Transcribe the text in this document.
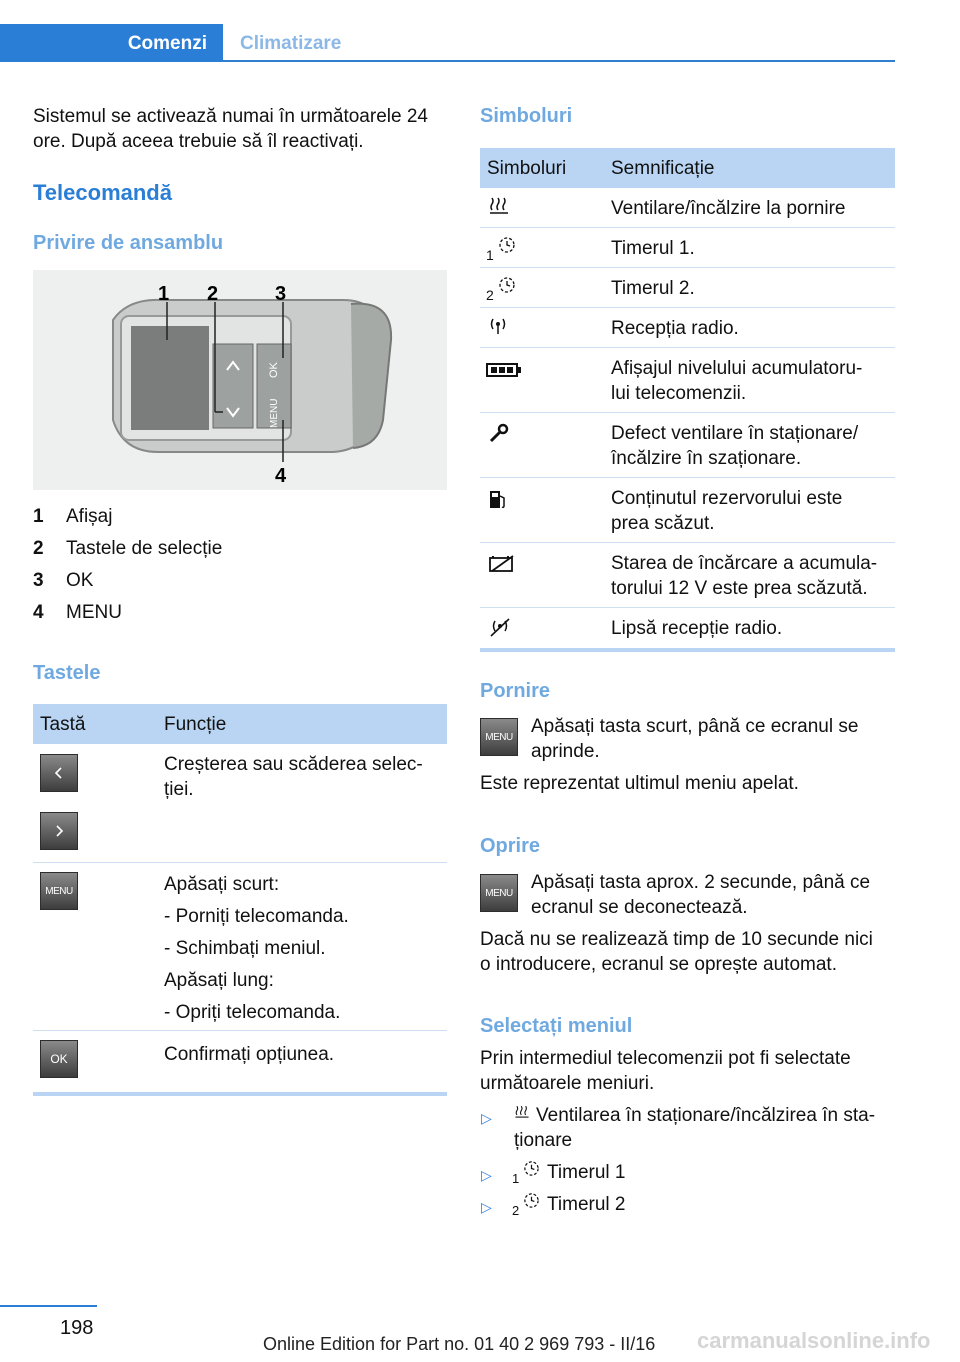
Comenzi	Climatizare
Sistemul se activează numai în următoarele 24 ore. După aceea trebuie să îl reactivați.
Telecomandă
Privire de ansamblu
OK
MENU
1 2	3
4
1 Afișaj
2 Tastele de selecție
3 OK
4 MENU
Tastele
Tastă	Funcție
Creșterea sau scăderea selec-ției.
MENU
Apăsați scurt:
- Porniți telecomanda.
- Schimbați meniul.
Apăsați lung:
- Opriți telecomanda.
OK
Confirmați opțiunea.
Simboluri
Simboluri Semnificație
Ventilare/încălzire la pornire
1	Timerul 1.
2	Timerul 2.
Recepția radio.
Afișajul nivelului acumulatoru-
lui telecomenzii.
Defect ventilare în staționare/
încălzire în szaționare.
Conținutul rezervorului este
prea scăzut.
Starea de încărcare a acumula-
torului 12 V este prea scăzută.
Lipsă recepție radio.
Pornire
MENU
Apăsați tasta scurt, până ce ecranul se
aprinde.
Este reprezentat ultimul meniu apelat.
Oprire
MENU
Apăsați tasta aprox. 2 secunde, până ce
ecranul se deconectează.
Dacă nu se realizează timp de 10 secunde nici
o introducere, ecranul se oprește automat.
Selectați meniul
Prin intermediul telecomenzii pot fi selectate
următoarele meniuri.
▷ Ventilarea în staționare/încălzirea în sta-
ționare
▷ 1	Timerul 1
▷ 2	Timerul 2
198	carmanualsonline.info
Online Edition for Part no. 01 40 2 969 793 - II/16
